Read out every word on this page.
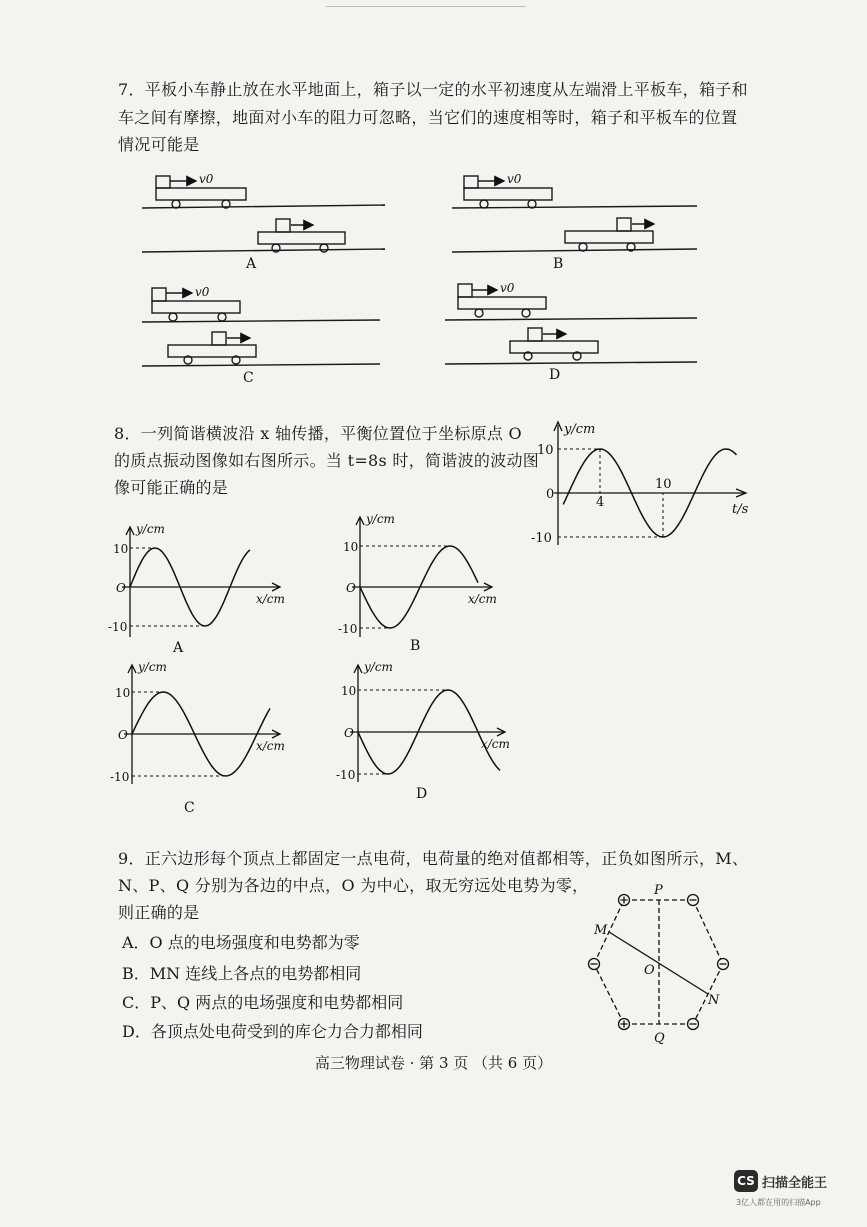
7．平板小车静止放在水平地面上，箱子以一定的水平初速度从左端滑上平板车，箱子和
车之间有摩擦，地面对小车的阻力可忽略，当它们的速度相等时，箱子和平板车的位置
情况可能是
v0	v0
v0	v0
A	B
C	D
8．一列简谐横波沿 x 轴传播，平衡位置位于坐标原点 O
的质点振动图像如右图所示。当 t=8s 时，简谐波的波动图
像可能正确的是
y/cm
t/s
0
10
-10
4
10
y/cm
x/cm
O
10
-10
A
y/cm
x/cm
O
10
-10
B
y/cm
x/cm
O
10
-10
C
y/cm
x/cm
O
10
-10
D
9．正六边形每个顶点上都固定一点电荷，电荷量的绝对值都相等，正负如图所示，M、
N、P、Q 分别为各边的中点，O 为中心，取无穷远处电势为零，
则正确的是
A．O 点的电场强度和电势都为零
B．MN 连线上各点的电势都相同
C．P、Q 两点的电场强度和电势都相同
D．各顶点处电荷受到的库仑力合力都相同
P
Q
M
N
O
高三物理试卷 · 第 3 页 （共 6 页）
CS 扫描全能王
3亿人都在用的扫描App
